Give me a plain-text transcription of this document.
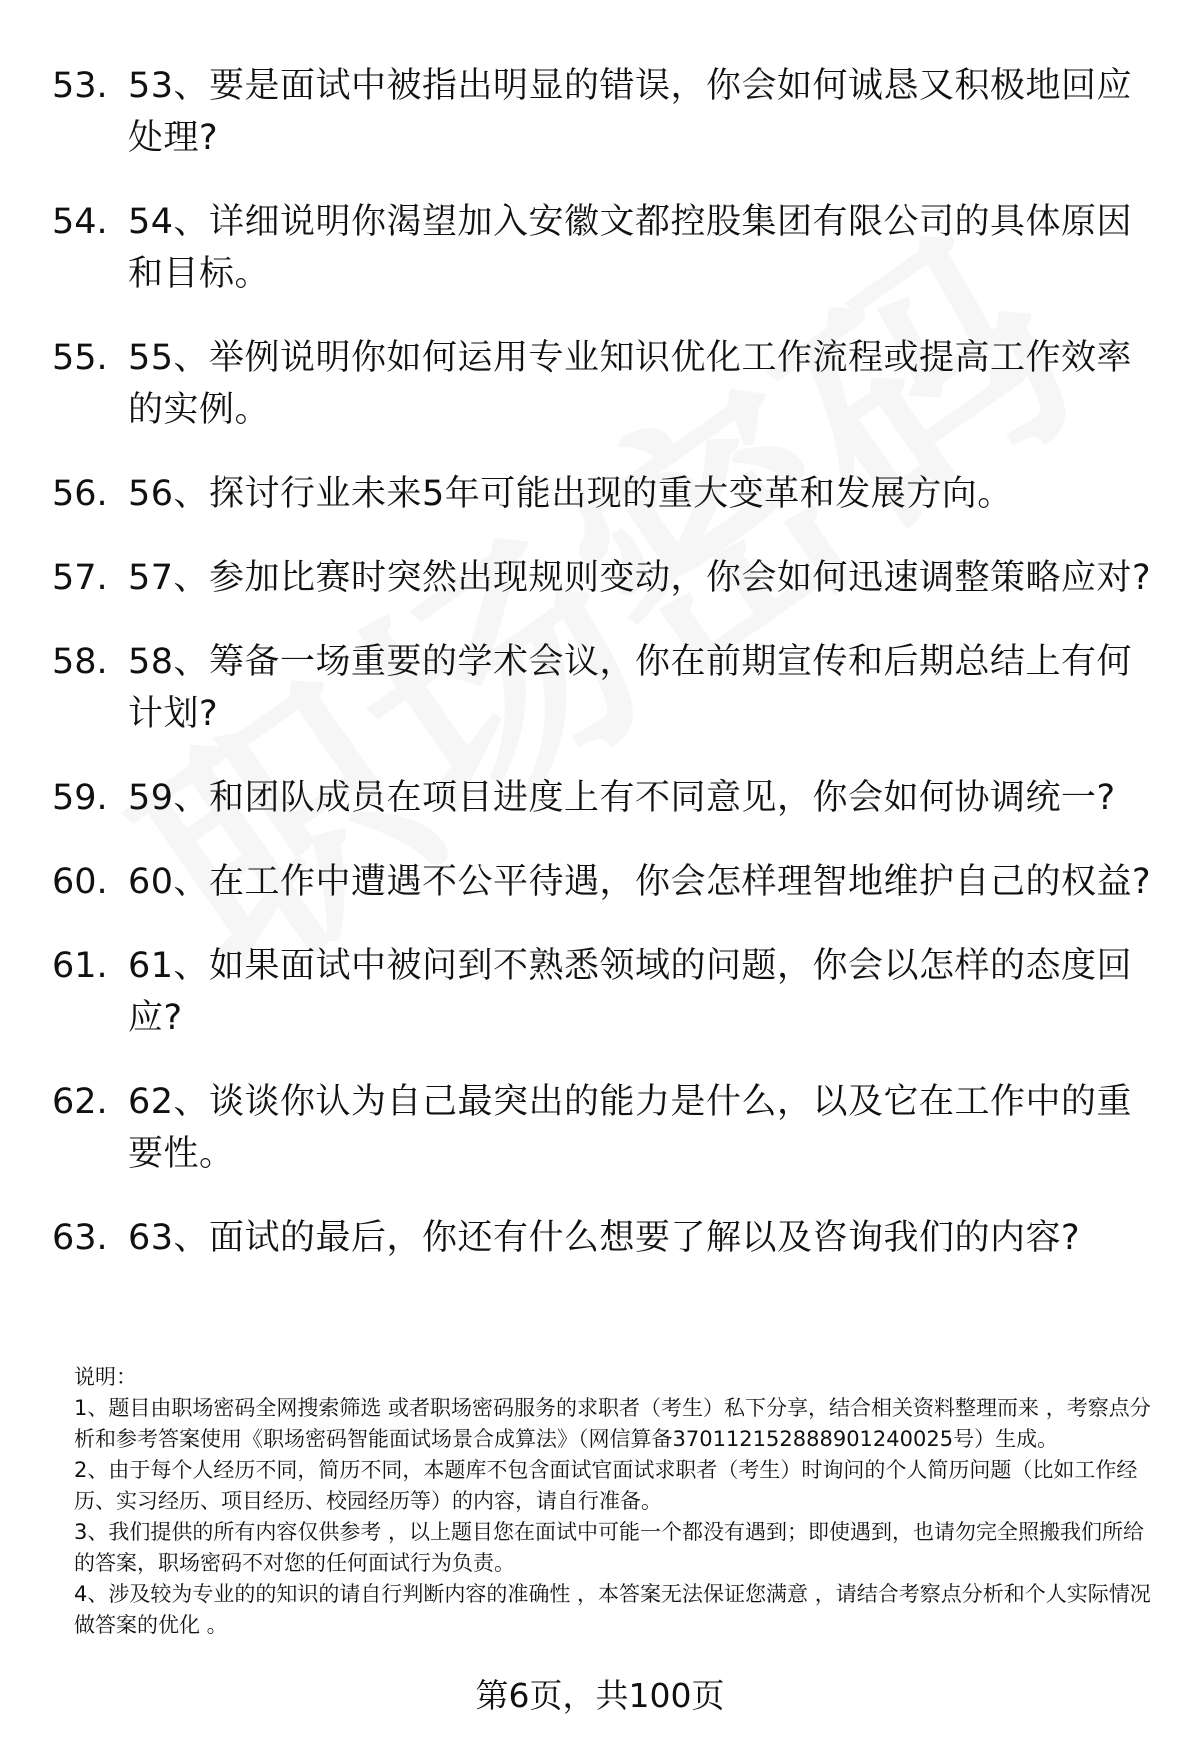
53. 53、要是面试中被指出明显的错误，你会如何诚恳又积极地回应处理?
54. 54、详细说明你渴望加入安徽文都控股集团有限公司的具体原因和目标。
55. 55、举例说明你如何运用专业知识优化工作流程或提高工作效率的实例。
56. 56、探讨行业未来5年可能出现的重大变革和发展方向。
57. 57、参加比赛时突然出现规则变动，你会如何迅速调整策略应对?
58. 58、筹备一场重要的学术会议，你在前期宣传和后期总结上有何计划?
59. 59、和团队成员在项目进度上有不同意见，你会如何协调统一?
60. 60、在工作中遭遇不公平待遇，你会怎样理智地维护自己的权益?
61. 61、如果面试中被问到不熟悉领域的问题，你会以怎样的态度回应?
62. 62、谈谈你认为自己最突出的能力是什么，以及它在工作中的重要性。
63. 63、面试的最后，你还有什么想要了解以及咨询我们的内容?

说明：

1、题目由职场密码全网搜索筛选 或者职场密码服务的求职者（考生）私下分享，结合相关资料整理而来 ，考察点分析和参考答案使用《职场密码智能面试场景合成算法》（网信算备370112152888901240025号）生成。

2、由于每个人经历不同，简历不同，本题库不包含面试官面试求职者（考生）时询问的个人简历问题（比如工作经历、实习经历、项目经历、校园经历等）的内容，请自行准备。

3、我们提供的所有内容仅供参考 ，以上题目您在面试中可能一个都没有遇到；即使遇到，也请勿完全照搬我们所给的答案，职场密码不对您的任何面试行为负责。

4、涉及较为专业的的知识的请自行判断内容的准确性 ，本答案无法保证您满意 ，请结合考察点分析和个人实际情况做答案的优化 。

第6页，共100页
